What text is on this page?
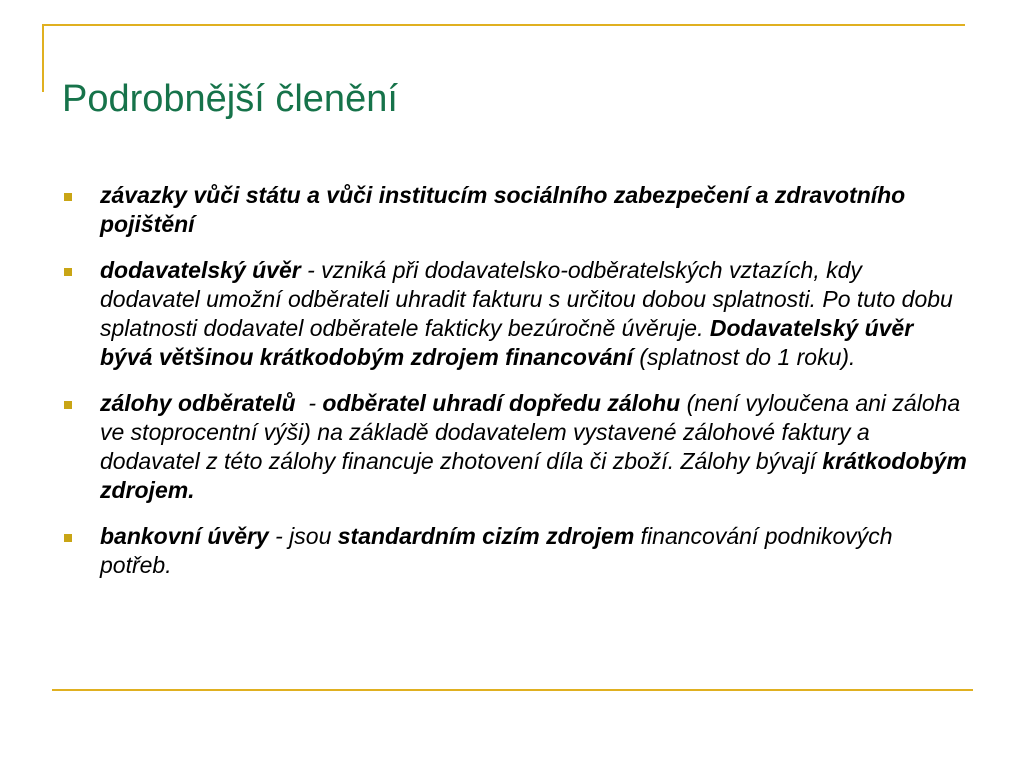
Podrobnější členění
závazky vůči státu a vůči institucím sociálního zabezpečení a zdravotního pojištění
dodavatelský úvěr - vzniká při dodavatelsko-odběratelských vztazích, kdy dodavatel umožní odběrateli uhradit fakturu s určitou dobou splatnosti. Po tuto dobu splatnosti dodavatel odběratele fakticky bezúročně úvěruje. Dodavatelský úvěr bývá většinou krátkodobým zdrojem financování (splatnost do 1 roku).
zálohy odběratelů  - odběratel uhradí dopředu zálohu (není vyloučena ani záloha ve stoprocentní výši) na základě dodavatelem vystavené zálohové faktury a dodavatel z této zálohy financuje zhotovení díla či zboží. Zálohy bývají krátkodobým zdrojem.
bankovní úvěry - jsou standardním cizím zdrojem financování podnikových potřeb.
